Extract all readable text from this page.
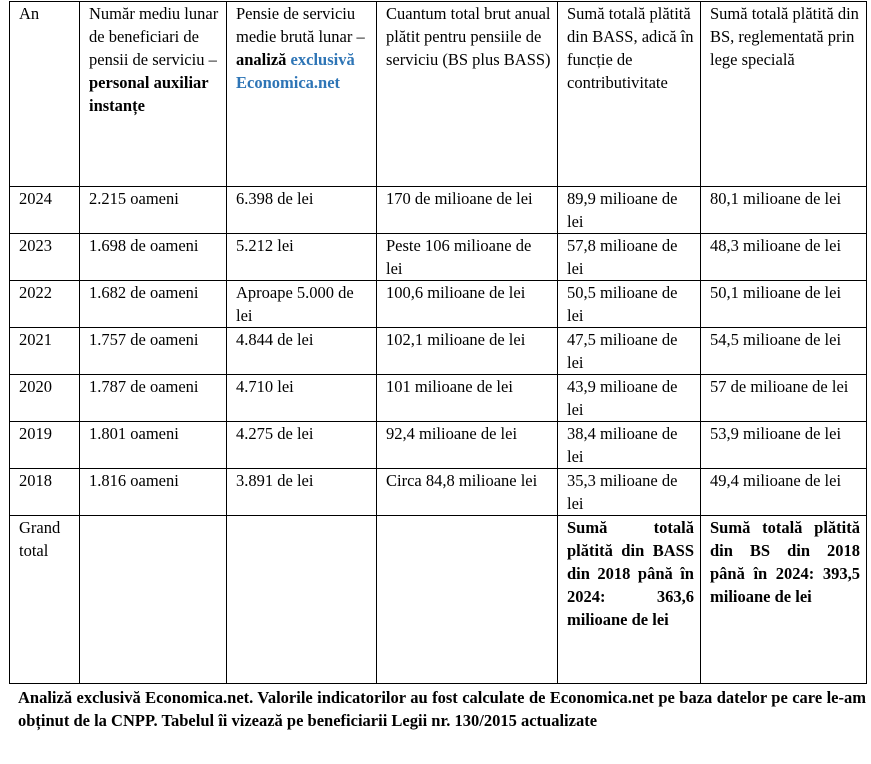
An	Număr mediu lunar de beneficiari de pensii de serviciu – personal auxiliar instanțe	Pensie de serviciu medie brută lunar – analiză exclusivă Economica.net	Cuantum total brut anual plătit pentru pensiile de serviciu (BS plus BASS)	Sumă totală plătită din BASS, adică în funcție de contributivitate	Sumă totală plătită din BS, reglementată prin lege specială
2024	2.215 oameni	6.398 de lei	170 de milioane de lei	89,9 milioane de lei	80,1 milioane de lei
2023	1.698 de oameni	5.212 lei	Peste 106 milioane de lei	57,8 milioane de lei	48,3 milioane de lei
2022	1.682 de oameni	Aproape 5.000 de lei	100,6 milioane de lei	50,5 milioane de lei	50,1 milioane de lei
2021	1.757 de oameni	4.844 de lei	102,1 milioane de lei	47,5 milioane de lei	54,5 milioane de lei
2020	1.787 de oameni	4.710 lei	101 milioane de lei	43,9 milioane de lei	57 de milioane de lei
2019	1.801 oameni	4.275 de lei	92,4 milioane de lei	38,4 milioane de lei	53,9 milioane de lei
2018	1.816 oameni	3.891 de lei	Circa 84,8 milioane lei	35,3 milioane de lei	49,4 milioane de lei
Grand total				Sumă totală plătită din BASS din 2018 până în 2024: 363,6 milioane de lei	Sumă totală plătită din BS din 2018 până în 2024: 393,5 milioane de lei
Analiză exclusivă Economica.net. Valorile indicatorilor au fost calculate de Economica.net pe baza datelor pe care le-am obținut de la CNPP. Tabelul îi vizează pe beneficiarii Legii nr. 130/2015 actualizate
